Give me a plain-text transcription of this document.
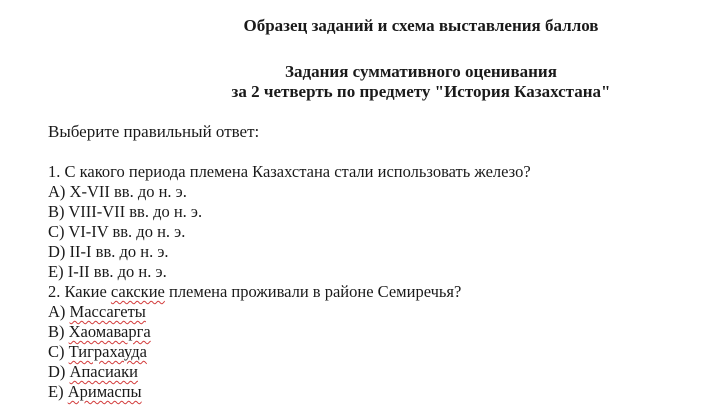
Образец заданий и схема выставления баллов
Задания суммативного оценивания
за 2 четверть по предмету "История Казахстана"
Выберите правильный ответ:
1. С какого периода племена Казахстана стали использовать железо?
A) X-VII вв. до н. э.
B) VIII-VII вв. до н. э.
C) VI-IV вв. до н. э.
D) II-I вв. до н. э.
E) I-II вв. до н. э.
2. Какие сакские племена проживали в районе Семиречья?
A) Массагеты
B) Хаомаварга
C) Тиграхауда
D) Апасиаки
E) Аримаспы
